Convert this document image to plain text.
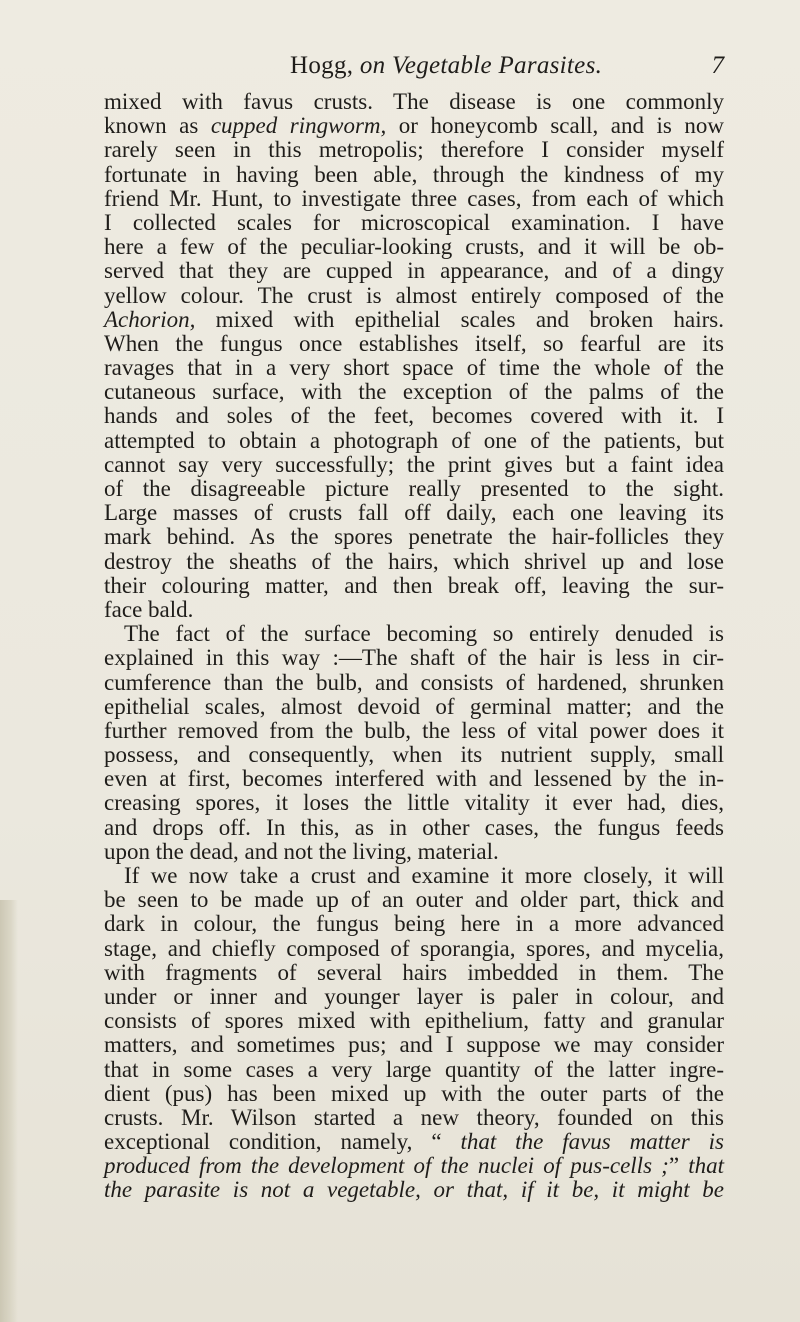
Hogg, on Vegetable Parasites.	7
mixed with favus crusts. The disease is one commonly
known as cupped ringworm, or honeycomb scall, and is now
rarely seen in this metropolis; therefore I consider myself
fortunate in having been able, through the kindness of my
friend Mr. Hunt, to investigate three cases, from each of which
I collected scales for microscopical examination. I have
here a few of the peculiar-looking crusts, and it will be ob-
served that they are cupped in appearance, and of a dingy
yellow colour. The crust is almost entirely composed of the
Achorion, mixed with epithelial scales and broken hairs.
When the fungus once establishes itself, so fearful are its
ravages that in a very short space of time the whole of the
cutaneous surface, with the exception of the palms of the
hands and soles of the feet, becomes covered with it. I
attempted to obtain a photograph of one of the patients, but
cannot say very successfully; the print gives but a faint idea
of the disagreeable picture really presented to the sight.
Large masses of crusts fall off daily, each one leaving its
mark behind. As the spores penetrate the hair-follicles they
destroy the sheaths of the hairs, which shrivel up and lose
their colouring matter, and then break off, leaving the sur-
face bald.
The fact of the surface becoming so entirely denuded is
explained in this way :—The shaft of the hair is less in cir-
cumference than the bulb, and consists of hardened, shrunken
epithelial scales, almost devoid of germinal matter; and the
further removed from the bulb, the less of vital power does it
possess, and consequently, when its nutrient supply, small
even at first, becomes interfered with and lessened by the in-
creasing spores, it loses the little vitality it ever had, dies,
and drops off. In this, as in other cases, the fungus feeds
upon the dead, and not the living, material.
If we now take a crust and examine it more closely, it will
be seen to be made up of an outer and older part, thick and
dark in colour, the fungus being here in a more advanced
stage, and chiefly composed of sporangia, spores, and mycelia,
with fragments of several hairs imbedded in them. The
under or inner and younger layer is paler in colour, and
consists of spores mixed with epithelium, fatty and granular
matters, and sometimes pus; and I suppose we may consider
that in some cases a very large quantity of the latter ingre-
dient (pus) has been mixed up with the outer parts of the
crusts. Mr. Wilson started a new theory, founded on this
exceptional condition, namely, “ that the favus matter is
produced from the development of the nuclei of pus-cells ;” that
the parasite is not a vegetable, or that, if it be, it might be
